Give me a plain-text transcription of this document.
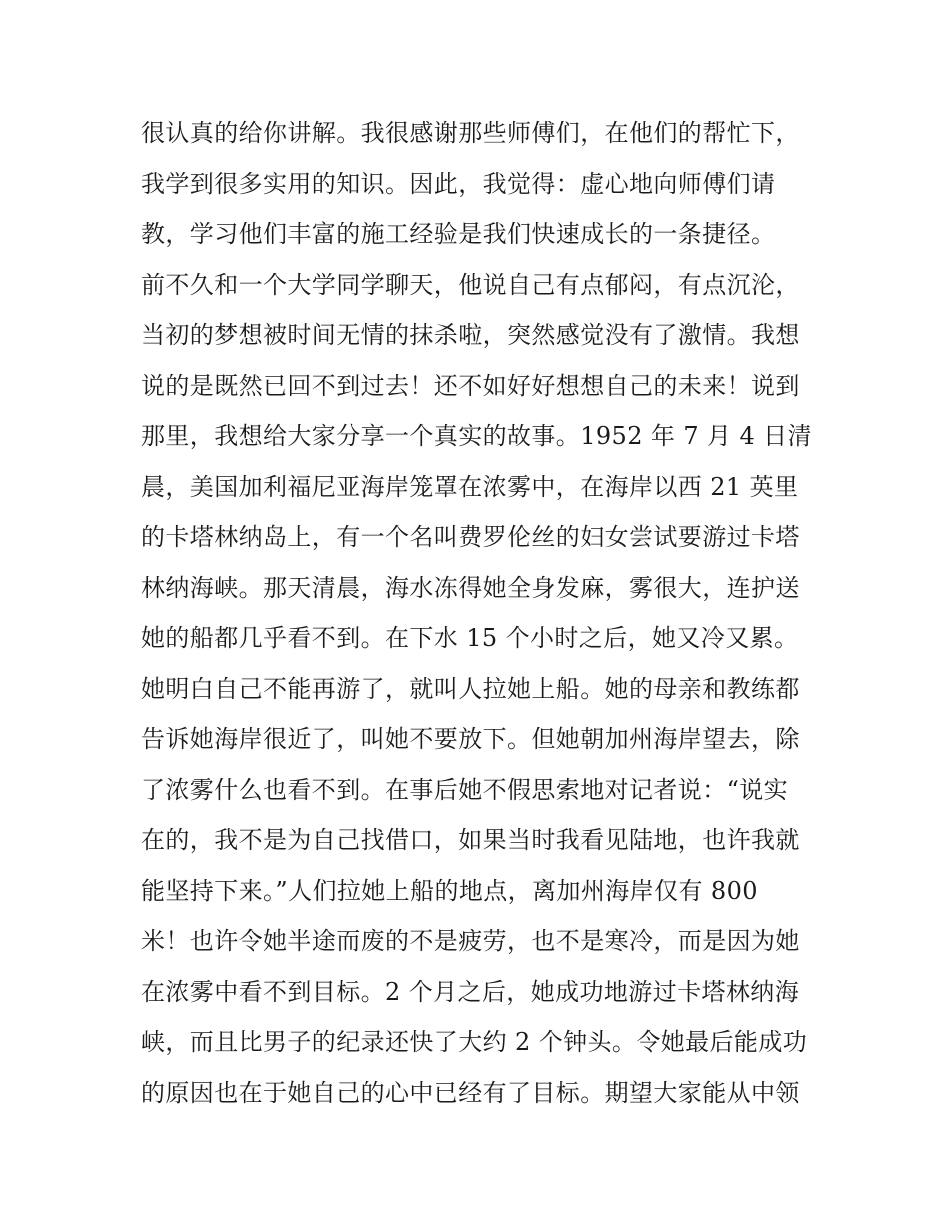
很认真的给你讲解。我很感谢那些师傅们，在他们的帮忙下，
我学到很多实用的知识。因此，我觉得：虚心地向师傅们请
教，学习他们丰富的施工经验是我们快速成长的一条捷径。
前不久和一个大学同学聊天，他说自己有点郁闷，有点沉沦，
当初的梦想被时间无情的抹杀啦，突然感觉没有了激情。我想
说的是既然已回不到过去！还不如好好想想自己的未来！说到
那里，我想给大家分享一个真实的故事。1952 年 7 月 4 日清
晨，美国加利福尼亚海岸笼罩在浓雾中，在海岸以西 21 英里
的卡塔林纳岛上，有一个名叫费罗伦丝的妇女尝试要游过卡塔
林纳海峡。那天清晨，海水冻得她全身发麻，雾很大，连护送
她的船都几乎看不到。在下水 15 个小时之后，她又冷又累。
她明白自己不能再游了，就叫人拉她上船。她的母亲和教练都
告诉她海岸很近了，叫她不要放下。但她朝加州海岸望去，除
了浓雾什么也看不到。在事后她不假思索地对记者说：“说实
在的，我不是为自己找借口，如果当时我看见陆地，也许我就
能坚持下来。”人们拉她上船的地点，离加州海岸仅有 800
米！也许令她半途而废的不是疲劳，也不是寒冷，而是因为她
在浓雾中看不到目标。2 个月之后，她成功地游过卡塔林纳海
峡，而且比男子的纪录还快了大约 2 个钟头。令她最后能成功
的原因也在于她自己的心中已经有了目标。期望大家能从中领
